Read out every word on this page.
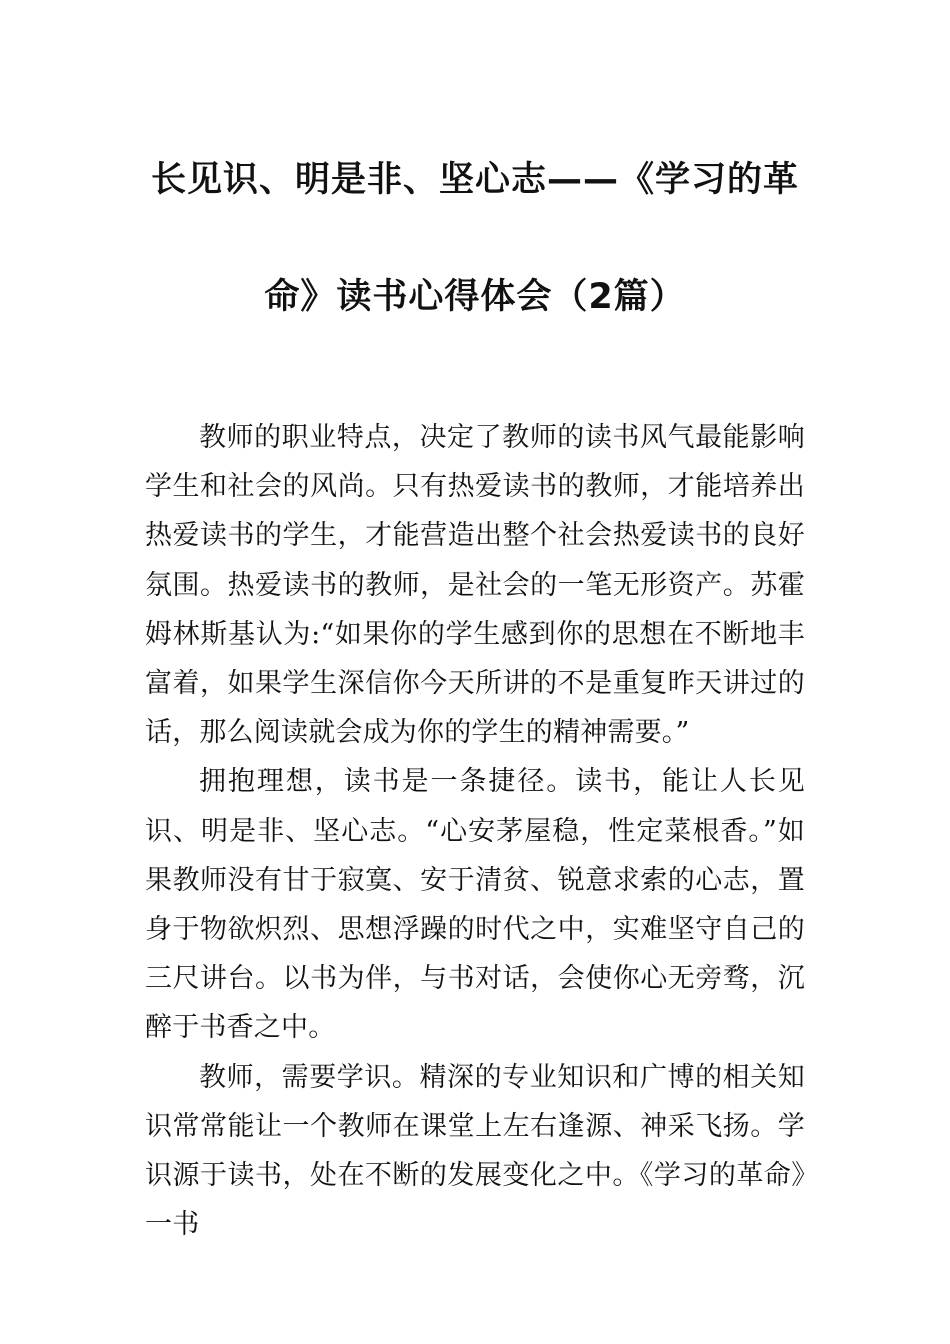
长见识、明是非、坚心志——《学习的革
命》读书心得体会（2篇）

教师的职业特点，决定了教师的读书风气最能影响学生和社会的风尚。只有热爱读书的教师，才能培养出热爱读书的学生，才能营造出整个社会热爱读书的良好氛围。热爱读书的教师，是社会的一笔无形资产。苏霍姆林斯基认为:“如果你的学生感到你的思想在不断地丰富着，如果学生深信你今天所讲的不是重复昨天讲过的话，那么阅读就会成为你的学生的精神需要。”

拥抱理想，读书是一条捷径。读书，能让人长见识、明是非、坚心志。“心安茅屋稳，性定菜根香。”如果教师没有甘于寂寞、安于清贫、锐意求索的心志，置身于物欲炽烈、思想浮躁的时代之中，实难坚守自己的三尺讲台。以书为伴，与书对话，会使你心无旁骛，沉醉于书香之中。

教师，需要学识。精深的专业知识和广博的相关知识常常能让一个教师在课堂上左右逢源、神采飞扬。学识源于读书，处在不断的发展变化之中。《学习的革命》一书
